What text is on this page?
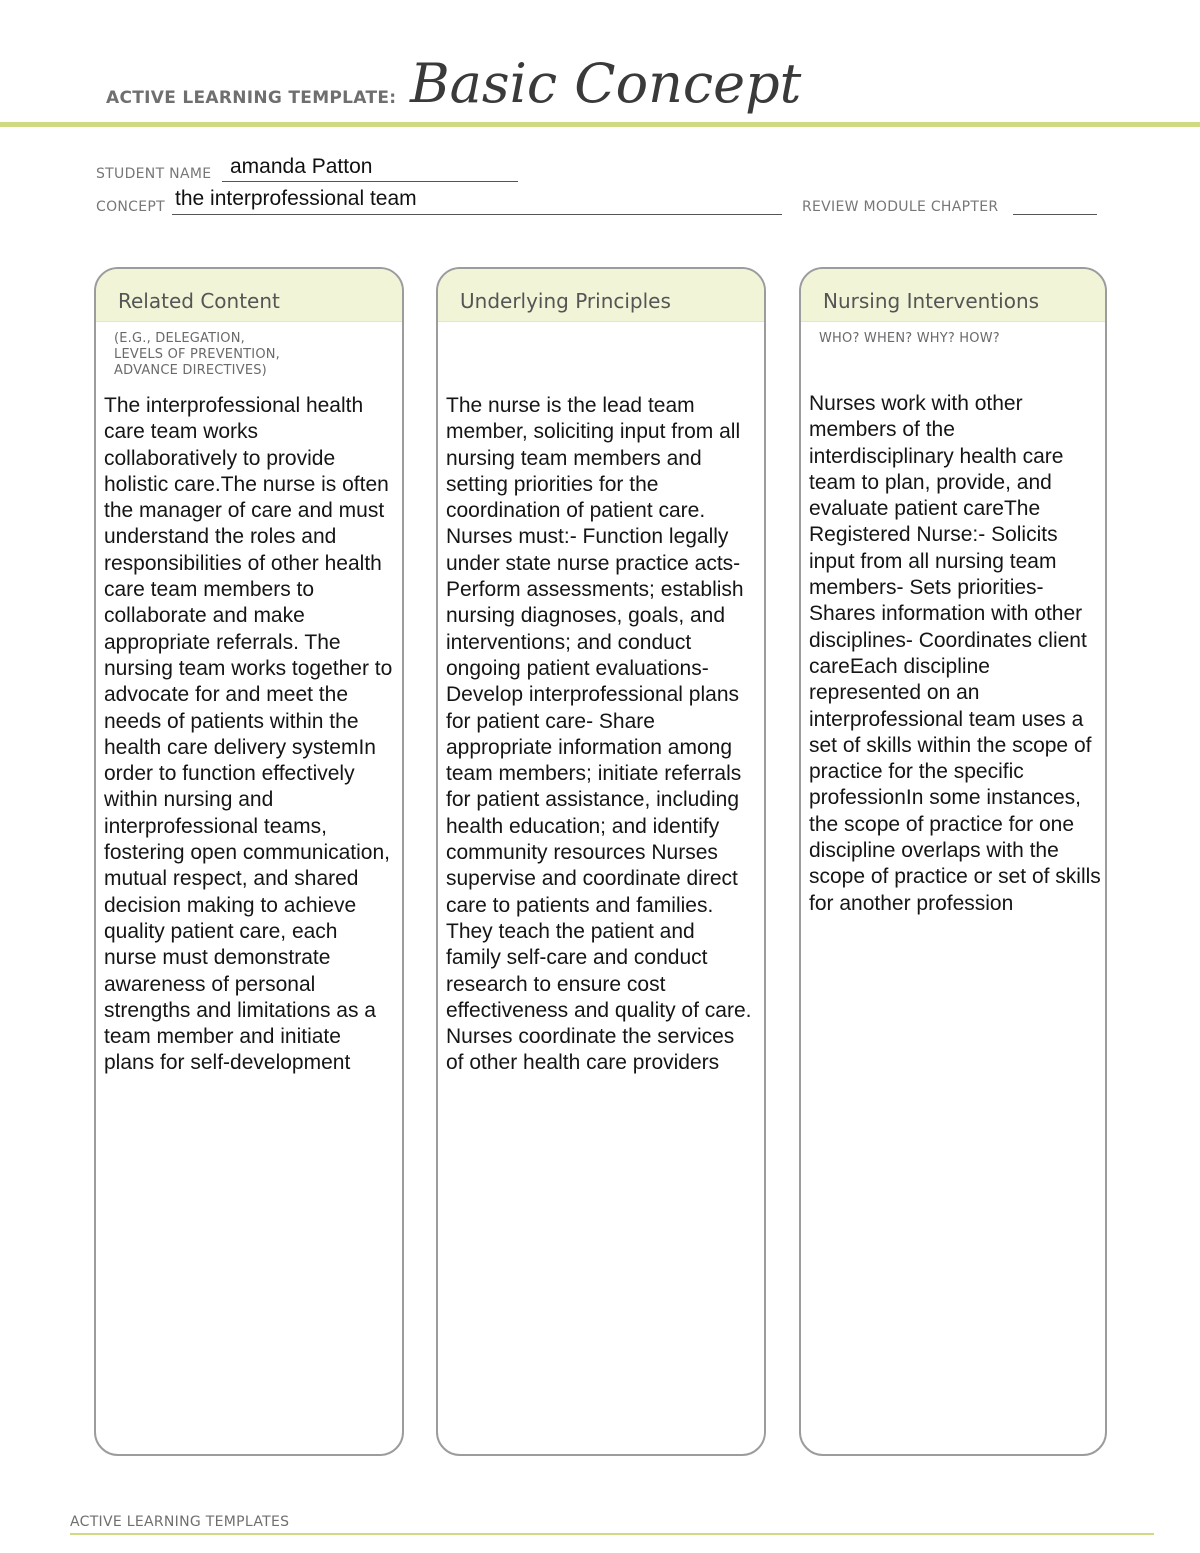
ACTIVE LEARNING TEMPLATE: Basic Concept
STUDENT NAME amanda Patton
CONCEPT the interprofessional team	REVIEW MODULE CHAPTER
Related Content
(E.G., DELEGATION,
LEVELS OF PREVENTION,
ADVANCE DIRECTIVES)
The interprofessional health care team works collaboratively to provide holistic care.The nurse is often the manager of care and must understand the roles and responsibilities of other health care team members to collaborate and make appropriate referrals. The nursing team works together to advocate for and meet the needs of patients within the health care delivery systemIn order to function effectively within nursing and interprofessional teams, fostering open communication, mutual respect, and shared decision making to achieve quality patient care, each nurse must demonstrate awareness of personal strengths and limitations as a team member and initiate plans for self-development
Underlying Principles
The nurse is the lead team member, soliciting input from all nursing team members and setting priorities for the coordination of patient care. Nurses must:- Function legally under state nurse practice acts- Perform assessments; establish nursing diagnoses, goals, and interventions; and conduct ongoing patient evaluations- Develop interprofessional plans for patient care- Share appropriate information among team members; initiate referrals for patient assistance, including health education; and identify community resources Nurses supervise and coordinate direct care to patients and families. They teach the patient and family self-care and conduct research to ensure cost effectiveness and quality of care. Nurses coordinate the services of other health care providers
Nursing Interventions
WHO? WHEN? WHY? HOW?
Nurses work with other members of the interdisciplinary health care team to plan, provide, and evaluate patient careThe Registered Nurse:- Solicits input from all nursing team members- Sets priorities- Shares information with other disciplines- Coordinates client careEach discipline represented on an interprofessional team uses a set of skills within the scope of practice for the specific professionIn some instances, the scope of practice for one discipline overlaps with the scope of practice or set of skills for another profession
ACTIVE LEARNING TEMPLATES
